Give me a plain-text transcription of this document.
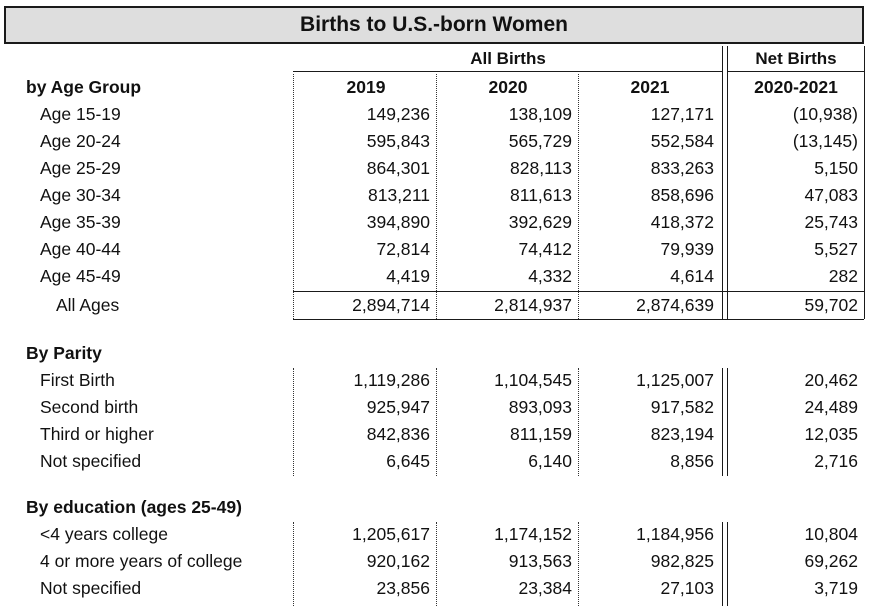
Births to U.S.-born Women
All Births	Net Births
by Age Group	2019	2020	2021	2020-2021
Age 15-19	149,236	138,109	127,171	(10,938)
Age 20-24	595,843	565,729	552,584	(13,145)
Age 25-29	864,301	828,113	833,263	5,150
Age 30-34	813,211	811,613	858,696	47,083
Age 35-39	394,890	392,629	418,372	25,743
Age 40-44	72,814	74,412	79,939	5,527
Age 45-49	4,419	4,332	4,614	282
All Ages	2,894,714	2,814,937	2,874,639	59,702
By Parity
First Birth	1,119,286	1,104,545	1,125,007	20,462
Second birth	925,947	893,093	917,582	24,489
Third or higher	842,836	811,159	823,194	12,035
Not specified	6,645	6,140	8,856	2,716
By education (ages 25-49)
<4 years college	1,205,617	1,174,152	1,184,956	10,804
4 or more years of college	920,162	913,563	982,825	69,262
Not specified	23,856	23,384	27,103	3,719
